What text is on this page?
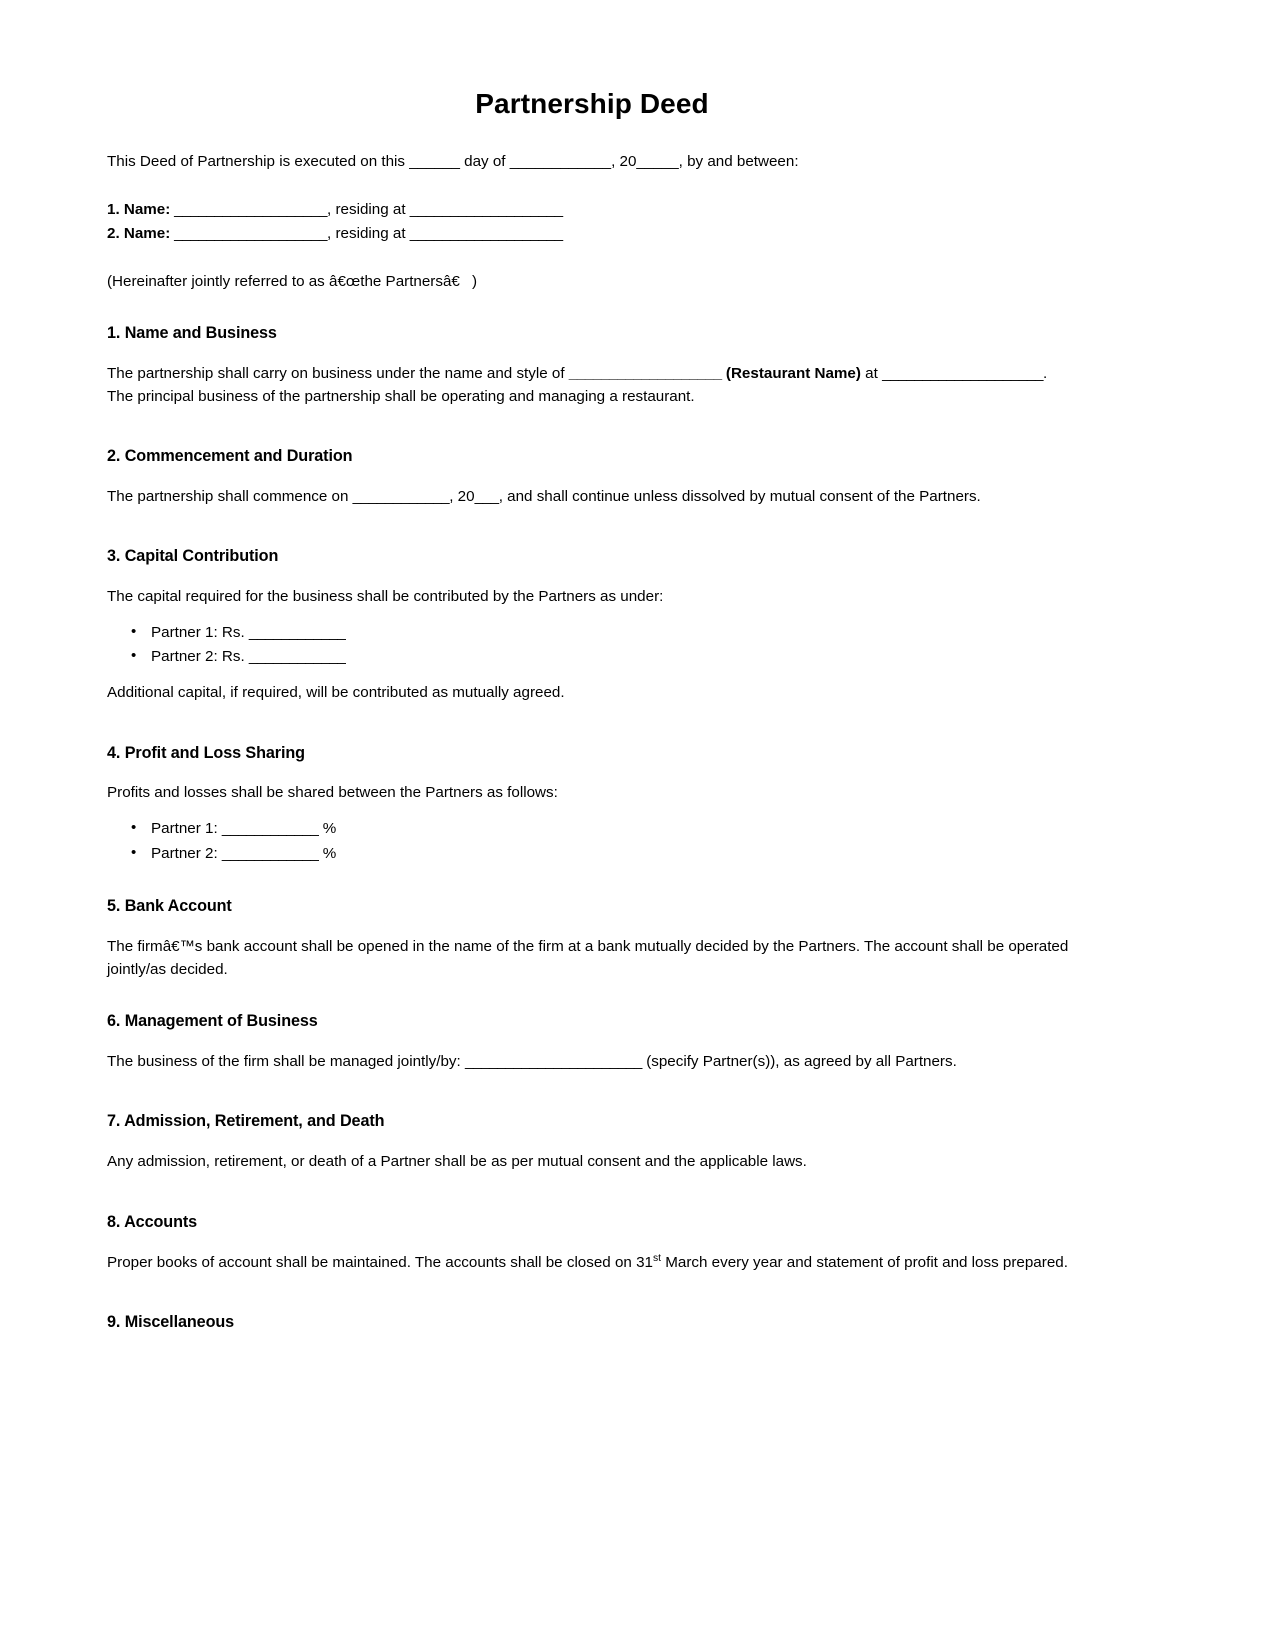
Partnership Deed

This Deed of Partnership is executed on this ______ day of ____________, 20_____, by and between:

1. Name: ___________________, residing at ___________________

2. Name: ___________________, residing at ___________________

(Hereinafter jointly referred to as â€œthe Partnersâ€)

1. Name and Business

The partnership shall carry on business under the name and style of ___________________ (Restaurant Name) at ____________________.

The principal business of the partnership shall be operating and managing a restaurant.

2. Commencement and Duration

The partnership shall commence on ____________, 20___, and shall continue unless dissolved by mutual consent of the Partners.

3. Capital Contribution

The capital required for the business shall be contributed by the Partners as under:

• Partner 1: Rs. ____________
• Partner 2: Rs. ____________

Additional capital, if required, will be contributed as mutually agreed.

4. Profit and Loss Sharing

Profits and losses shall be shared between the Partners as follows:

• Partner 1: ____________ %
• Partner 2: ____________ %
5. Bank Account

The firmâ€™s bank account shall be opened in the name of the firm at a bank mutually decided by the Partners. The account shall be operated jointly/as decided.

6. Management of Business

The business of the firm shall be managed jointly/by: ______________________ (specify Partner(s)), as agreed by all Partners.

7. Admission, Retirement, and Death

Any admission, retirement, or death of a Partner shall be as per mutual consent and the applicable laws.

8. Accounts

Proper books of account shall be maintained. The accounts shall be closed on 31st March every year and statement of profit and loss prepared.

9. Miscellaneous
